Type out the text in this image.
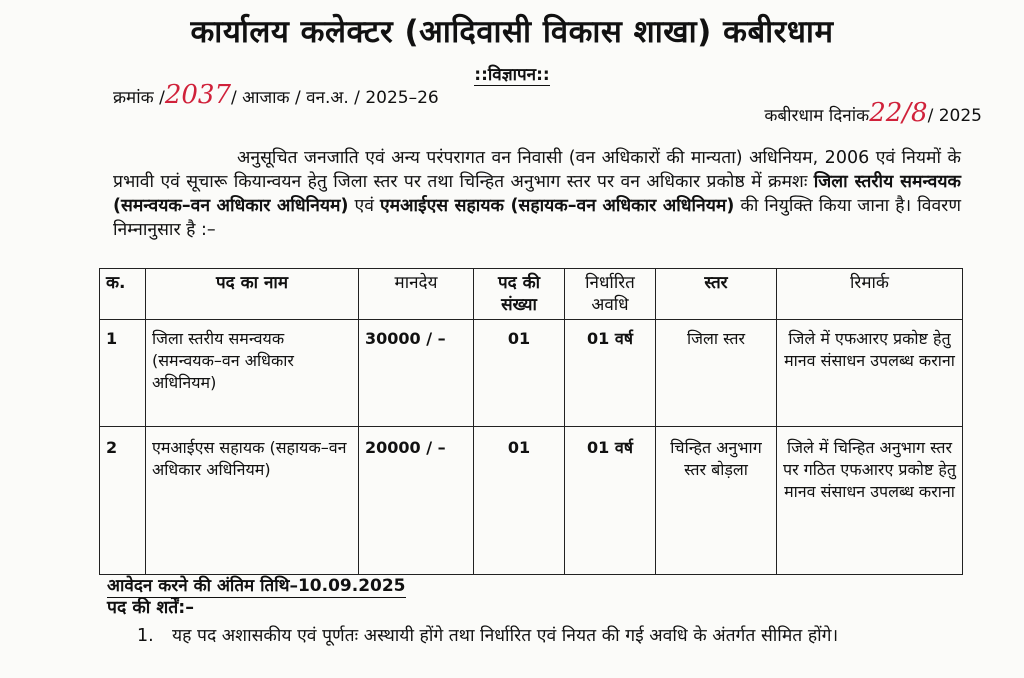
कार्यालय कलेक्टर (आदिवासी विकास शाखा) कबीरधाम
::विज्ञापन::
क्रमांक /2037/ आजाक / वन.अ. / 2025–26
कबीरधाम दिनांक22/8/ 2025
अनुसूचित जनजाति एवं अन्य परंपरागत वन निवासी (वन अधिकारों की मान्यता) अधिनियम, 2006 एवं नियमों के प्रभावी एवं सूचारू कियान्वयन हेतु जिला स्तर पर तथा चिन्हित अनुभाग स्तर पर वन अधिकार प्रकोष्ठ में क्रमशः जिला स्तरीय समन्वयक (समन्वयक–वन अधिकार अधिनियम) एवं एमआईएस सहायक (सहायक–वन अधिकार अधिनियम) की नियुक्ति किया जाना है। विवरण निम्नानुसार है :–
क.	पद का नाम	मानदेय	पद की संख्या	निर्धारित अवधि	स्तर	रिमार्क
1	जिला स्तरीय समन्वयक (समन्वयक–वन अधिकार अधिनियम)	30000 / –	01	01 वर्ष	जिला स्तर	जिले में एफआरए प्रकोष्ट हेतु मानव संसाधन उपलब्ध कराना
2	एमआईएस सहायक (सहायक–वन अधिकार अधिनियम)	20000 / –	01	01 वर्ष	चिन्हित अनुभाग स्तर बोड़ला	जिले में चिन्हित अनुभाग स्तर पर गठित एफआरए प्रकोष्ट हेतु मानव संसाधन उपलब्ध कराना
आवेदन करने की अंतिम तिथि–10.09.2025
पद की शर्तें:–
1. यह पद अशासकीय एवं पूर्णतः अस्थायी होंगे तथा निर्धारित एवं नियत की गई अवधि के अंतर्गत सीमित होंगे।
